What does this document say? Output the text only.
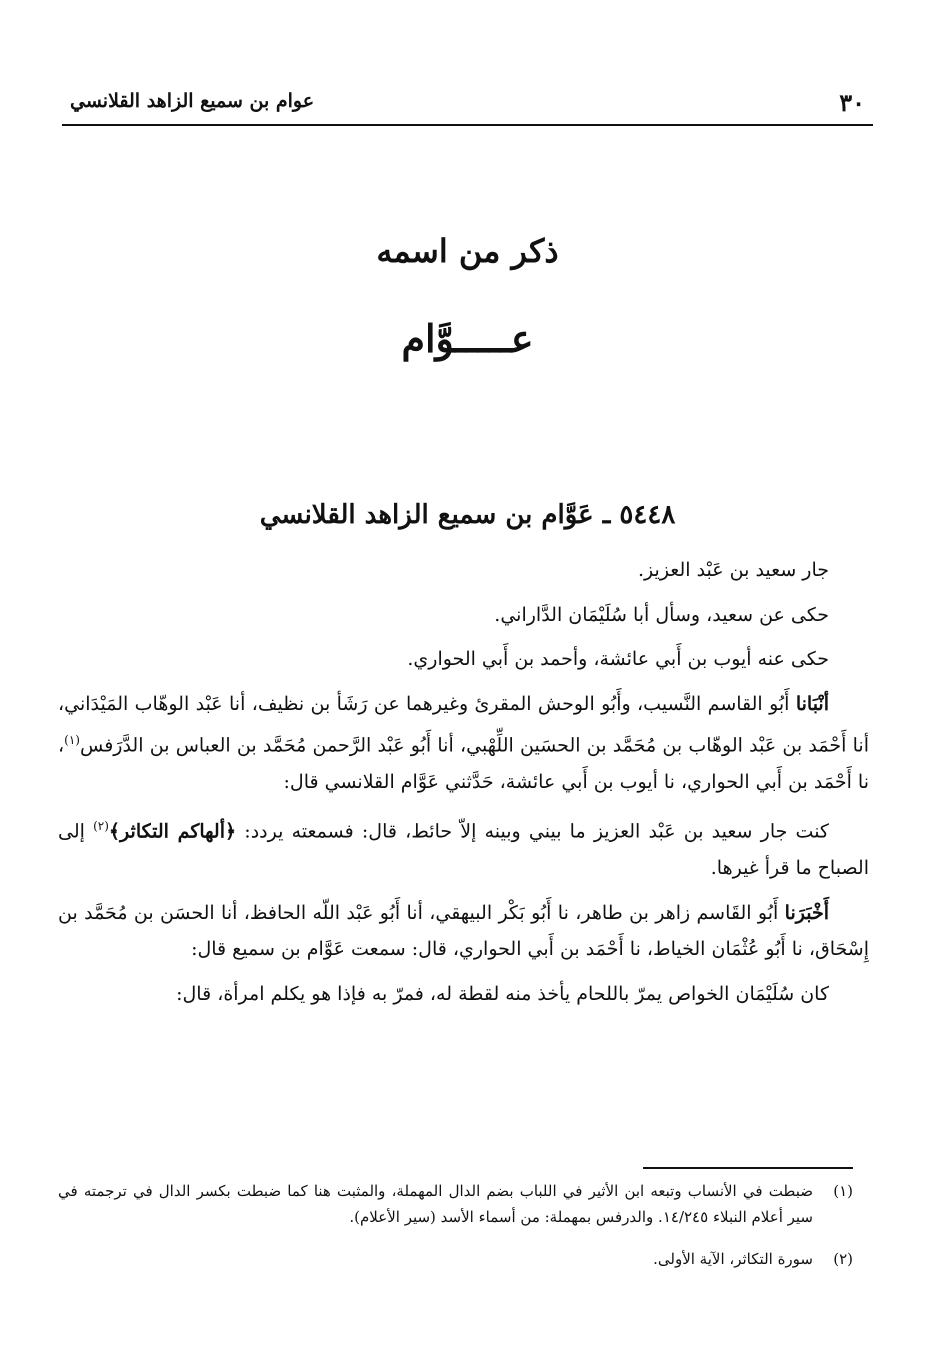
٣٠
عوام بن سميع الزاهد القلانسي
ذكر من اسمه
عـــــوَّام
٥٤٤٨ ـ عَوَّام بن سميع الزاهد القلانسي

جار سعيد بن عَبْد العزيز.

حكى عن سعيد، وسأل أبا سُلَيْمَان الدَّاراني.

حكى عنه أيوب بن أَبي عائشة، وأحمد بن أَبي الحواري.

أنْبَانا أَبُو القاسم النَّسيب، وأَبُو الوحش المقرئ وغيرهما عن رَشَأ بن نظيف، أنا عَبْد الوهّاب المَيْدَاني، أنا أَحْمَد بن عَبْد الوهّاب بن مُحَمَّد بن الحسَين اللِّهْبي، أنا أَبُو عَبْد الرَّحمن مُحَمَّد بن العباس بن الدَّرَفس$^{(١)}$، نا أَحْمَد بن أَبي الحواري، نا أيوب بن أَبي عائشة، حَدَّثني عَوَّام القلانسي قال:

كنت جار سعيد بن عَبْد العزيز ما بيني وبينه إلاّ حائط، قال: فسمعته يردد: ﴿ألهاكم التكاثر﴾$^{(٢)}$ إلى الصباح ما قرأ غيرها.

أَخْبَرَنا أَبُو القَاسم زاهر بن طاهر، نا أَبُو بَكْر البيهقي، أنا أَبُو عَبْد اللّه الحافظ، أنا الحسَن بن مُحَمَّد بن إِسْحَاق، نا أَبُو عُثْمَان الخياط، نا أَحْمَد بن أَبي الحواري، قال: سمعت عَوَّام بن سميع قال:

كان سُلَيْمَان الخواص يمرّ باللحام يأخذ منه لقطة له، فمرّ به فإذا هو يكلم امرأة، قال:

(١)
ضبطت في الأنساب وتبعه ابن الأثير في اللباب بضم الدال المهملة، والمثبت هنا كما ضبطت بكسر الدال في ترجمته في سير أعلام النبلاء ١٤/٢٤٥. والدرفس بمهملة: من أسماء الأسد (سير الأعلام).
(٢)
سورة التكاثر، الآية الأولى.
